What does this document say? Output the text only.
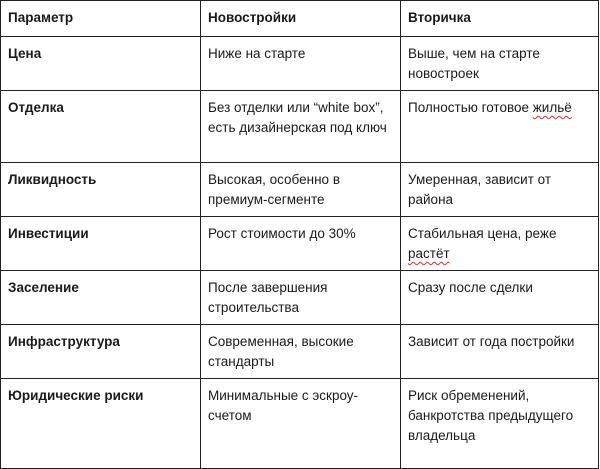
Параметр	Новостройки	Вторичка
Цена	Ниже на старте	Выше, чем на старте новостроек
Отделка	Без отделки или “white box”, есть дизайнерская под ключ	Полностью готовое жильё
Ликвидность	Высокая, особенно в премиум-сегменте	Умеренная, зависит от района
Инвестиции	Рост стоимости до 30%	Стабильная цена, реже растёт
Заселение	После завершения строительства	Сразу после сделки
Инфраструктура	Современная, высокие стандарты	Зависит от года постройки
Юридические риски	Минимальные с эскроу-счетом	Риск обременений, банкротства предыдущего владельца
